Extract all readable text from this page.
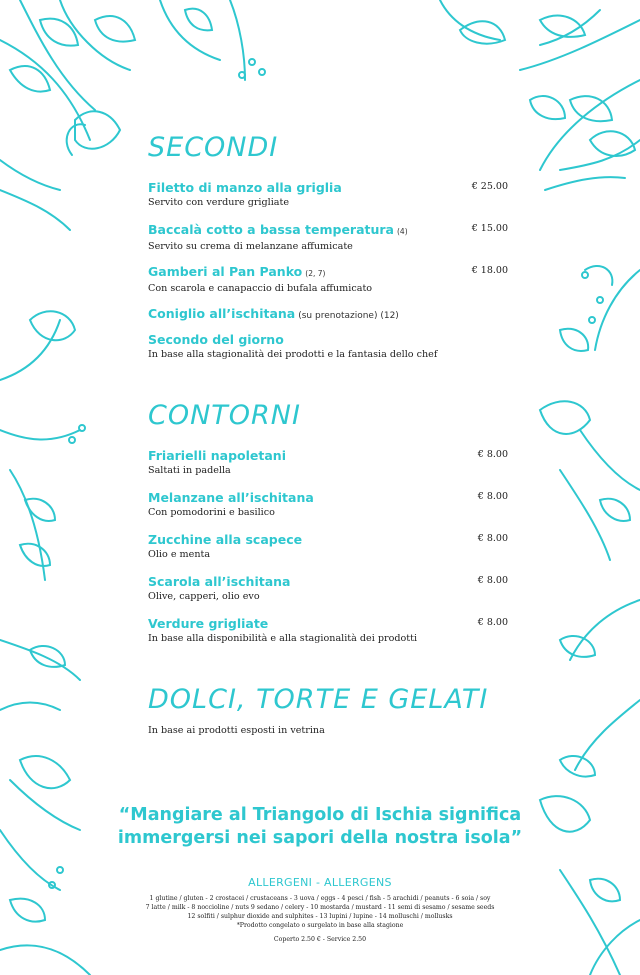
SECONDI
Filetto di manzo alla griglia
Servito con verdure grigliate
€ 25.00
Baccalà cotto a bassa temperatura (4)
Servito su crema di melanzane affumicate
€ 15.00
Gamberi al Pan Panko (2, 7)
Con scarola e canapaccio di bufala affumicato
€ 18.00
Coniglio all’ischitana (su prenotazione) (12)
Secondo del giorno
In base alla stagionalità dei prodotti e la fantasia dello chef
CONTORNI
Friarielli napoletani
Saltati in padella
€ 8.00
Melanzane all’ischitana
Con pomodorini e basilico
€ 8.00
Zucchine alla scapece
Olio e menta
€ 8.00
Scarola all’ischitana
Olive, capperi, olio evo
€ 8.00
Verdure grigliate
In base alla disponibilità e alla stagionalità dei prodotti
€ 8.00
DOLCI, TORTE E GELATI
In base ai prodotti esposti in vetrina
“Mangiare al Triangolo di Ischia significa
immergersi nei sapori della nostra isola”
ALLERGENI - ALLERGENS
1 glutine / gluten - 2 crostacei / crustaceans - 3 uova / eggs - 4 pesci / fish - 5 arachidi / peanuts - 6 soia / soy
7 latte / milk - 8 noccioline / nuts 9 sedano / celery - 10 mostarda / mustard - 11 semi di sesamo / sesame seeds
12 solfiti / sulphur dioxide and sulphites - 13 lupini / lupine - 14 molluschi / mollusks
*Prodotto congelato o surgelato in base alla stagione
Coperto 2.50 € - Service 2.50
